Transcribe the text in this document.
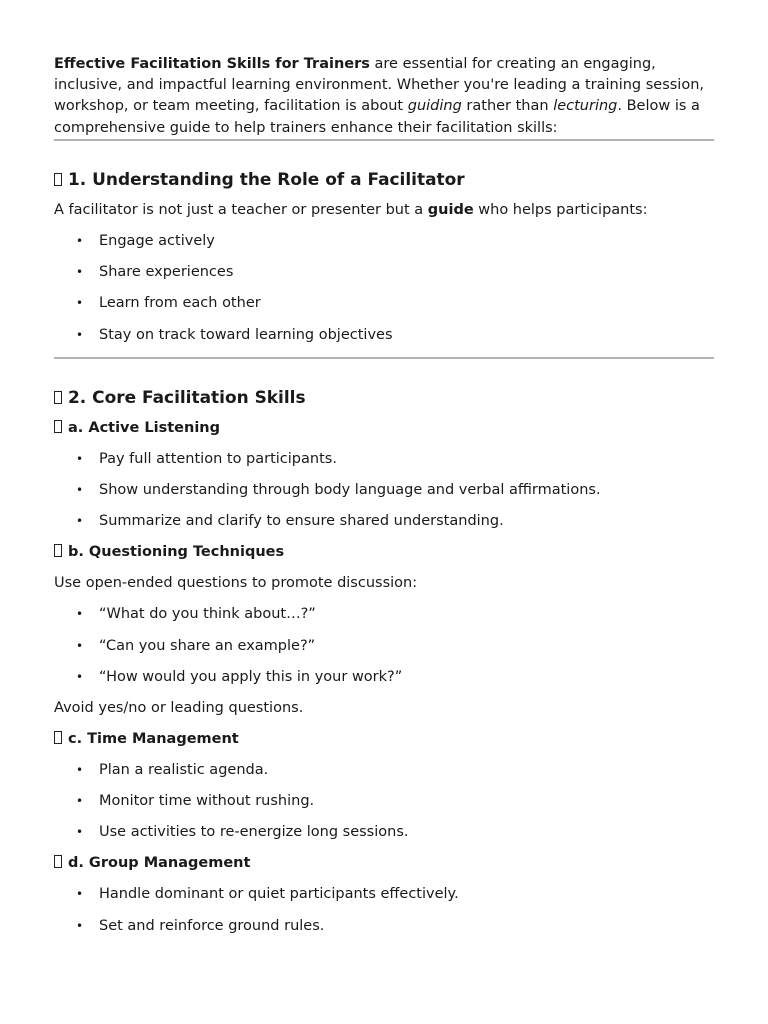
Effective Facilitation Skills for Trainers are essential for creating an engaging, inclusive, and impactful learning environment. Whether you're leading a training session, workshop, or team meeting, facilitation is about guiding rather than lecturing. Below is a comprehensive guide to help trainers enhance their facilitation skills:

1. Understanding the Role of a Facilitator

A facilitator is not just a teacher or presenter but a guide who helps participants:

• Engage actively
• Share experiences
• Learn from each other
• Stay on track toward learning objectives
2. Core Facilitation Skills
a. Active Listening
• Pay full attention to participants.
• Show understanding through body language and verbal affirmations.
• Summarize and clarify to ensure shared understanding.
b. Questioning Techniques

Use open-ended questions to promote discussion:

• “What do you think about…?”
• “Can you share an example?”
• “How would you apply this in your work?”

Avoid yes/no or leading questions.

c. Time Management
• Plan a realistic agenda.
• Monitor time without rushing.
• Use activities to re-energize long sessions.
d. Group Management
• Handle dominant or quiet participants effectively.
• Set and reinforce ground rules.
